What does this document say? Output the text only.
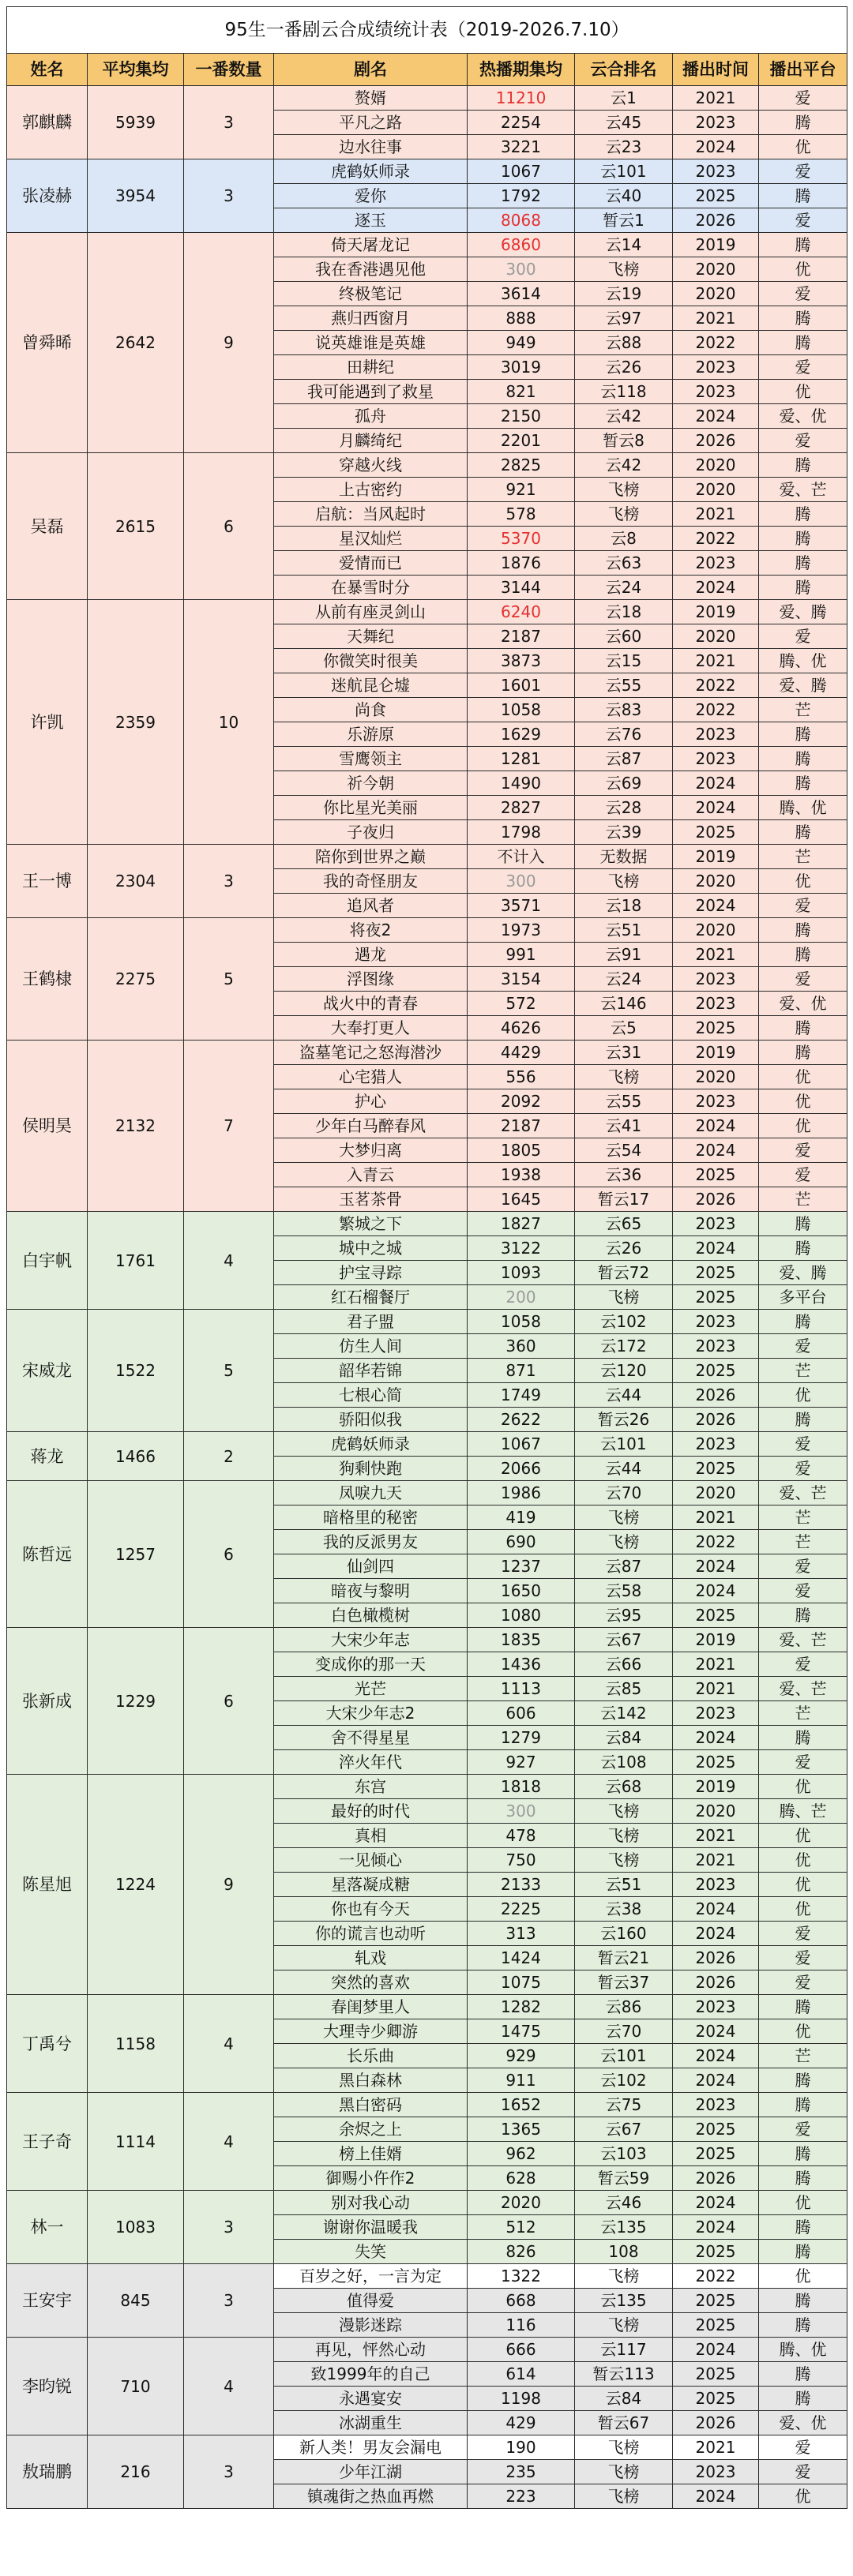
95生一番剧云合成绩统计表（2019-2026.7.10）							
姓名	平均集均	一番数量	剧名	热播期集均	云合排名	播出时间	播出平台
郭麒麟	5939	3	赘婿	11210	云1	2021	爱
			平凡之路	2254	云45	2023	腾
			边水往事	3221	云23	2024	优
张凌赫	3954	3	虎鹤妖师录	1067	云101	2023	爱
			爱你	1792	云40	2025	腾
			逐玉	8068	暂云1	2026	爱
曾舜晞	2642	9	倚天屠龙记	6860	云14	2019	腾
			我在香港遇见他	300	飞榜	2020	优
			终极笔记	3614	云19	2020	爱
			燕归西窗月	888	云97	2021	腾
			说英雄谁是英雄	949	云88	2022	腾
			田耕纪	3019	云26	2023	爱
			我可能遇到了救星	821	云118	2023	优
			孤舟	2150	云42	2024	爱、优
			月麟绮纪	2201	暂云8	2026	爱
吴磊	2615	6	穿越火线	2825	云42	2020	腾
			上古密约	921	飞榜	2020	爱、芒
			启航：当风起时	578	飞榜	2021	腾
			星汉灿烂	5370	云8	2022	腾
			爱情而已	1876	云63	2023	腾
			在暴雪时分	3144	云24	2024	腾
许凯	2359	10	从前有座灵剑山	6240	云18	2019	爱、腾
			天舞纪	2187	云60	2020	爱
			你微笑时很美	3873	云15	2021	腾、优
			迷航昆仑墟	1601	云55	2022	爱、腾
			尚食	1058	云83	2022	芒
			乐游原	1629	云76	2023	腾
			雪鹰领主	1281	云87	2023	腾
			祈今朝	1490	云69	2024	腾
			你比星光美丽	2827	云28	2024	腾、优
			子夜归	1798	云39	2025	腾
王一博	2304	3	陪你到世界之巅	不计入	无数据	2019	芒
			我的奇怪朋友	300	飞榜	2020	优
			追风者	3571	云18	2024	爱
王鹤棣	2275	5	将夜2	1973	云51	2020	腾
			遇龙	991	云91	2021	腾
			浮图缘	3154	云24	2023	爱
			战火中的青春	572	云146	2023	爱、优
			大奉打更人	4626	云5	2025	腾
侯明昊	2132	7	盗墓笔记之怒海潜沙	4429	云31	2019	腾
			心宅猎人	556	飞榜	2020	优
			护心	2092	云55	2023	优
			少年白马醉春风	2187	云41	2024	优
			大梦归离	1805	云54	2024	爱
			入青云	1938	云36	2025	爱
			玉茗茶骨	1645	暂云17	2026	芒
白宇帆	1761	4	繁城之下	1827	云65	2023	腾
			城中之城	3122	云26	2024	腾
			护宝寻踪	1093	暂云72	2025	爱、腾
			红石榴餐厅	200	飞榜	2025	多平台
宋威龙	1522	5	君子盟	1058	云102	2023	腾
			仿生人间	360	云172	2023	爱
			韶华若锦	871	云120	2025	芒
			七根心简	1749	云44	2026	优
			骄阳似我	2622	暂云26	2026	腾
蒋龙	1466	2	虎鹤妖师录	1067	云101	2023	爱
			狗剩快跑	2066	云44	2025	爱
陈哲远	1257	6	凤唳九天	1986	云70	2020	爱、芒
			暗格里的秘密	419	飞榜	2021	芒
			我的反派男友	690	飞榜	2022	芒
			仙剑四	1237	云87	2024	爱
			暗夜与黎明	1650	云58	2024	爱
			白色橄榄树	1080	云95	2025	腾
张新成	1229	6	大宋少年志	1835	云67	2019	爱、芒
			变成你的那一天	1436	云66	2021	爱
			光芒	1113	云85	2021	爱、芒
			大宋少年志2	606	云142	2023	芒
			舍不得星星	1279	云84	2024	腾
			淬火年代	927	云108	2025	爱
陈星旭	1224	9	东宫	1818	云68	2019	优
			最好的时代	300	飞榜	2020	腾、芒
			真相	478	飞榜	2021	优
			一见倾心	750	飞榜	2021	优
			星落凝成糖	2133	云51	2023	优
			你也有今天	2225	云38	2024	优
			你的谎言也动听	313	云160	2024	爱
			轧戏	1424	暂云21	2026	爱
			突然的喜欢	1075	暂云37	2026	爱
丁禹兮	1158	4	春闺梦里人	1282	云86	2023	腾
			大理寺少卿游	1475	云70	2024	优
			长乐曲	929	云101	2024	芒
			黑白森林	911	云102	2024	腾
王子奇	1114	4	黑白密码	1652	云75	2023	腾
			余烬之上	1365	云67	2025	爱
			榜上佳婿	962	云103	2025	腾
			御赐小仵作2	628	暂云59	2026	腾
林一	1083	3	别对我心动	2020	云46	2024	优
			谢谢你温暖我	512	云135	2024	腾
			失笑	826	108	2025	腾
王安宇	845	3	百岁之好，一言为定	1322	飞榜	2022	优
			值得爱	668	云135	2025	腾
			漫影迷踪	116	飞榜	2025	腾
李昀锐	710	4	再见，怦然心动	666	云117	2024	腾、优
			致1999年的自己	614	暂云113	2025	腾
			永遇宴安	1198	云84	2025	腾
			冰湖重生	429	暂云67	2026	爱、优
敖瑞鹏	216	3	新人类！男友会漏电	190	飞榜	2021	爱
			少年江湖	235	飞榜	2023	爱
			镇魂街之热血再燃	223	飞榜	2024	优
